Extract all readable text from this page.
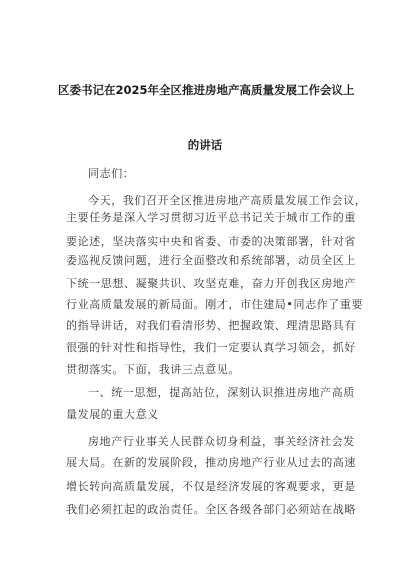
区委书记在2025年全区推进房地产高质量发展工作会议上
的讲话
同志们：
今天，我们召开全区推进房地产高质量发展工作会议，
主要任务是深入学习贯彻习近平总书记关于城市工作的重
要论述，坚决落实中央和省委、市委的决策部署，针对省
委巡视反馈问题，进行全面整改和系统部署，动员全区上
下统一思想、凝聚共识、攻坚克难，奋力开创我区房地产
行业高质量发展的新局面。刚才，市住建局•同志作了重要
的指导讲话，对我们看清形势、把握政策、理清思路具有
很强的针对性和指导性，我们一定要认真学习领会，抓好
贯彻落实。下面，我讲三点意见。
一、统一思想，提高站位，深刻认识推进房地产高质
量发展的重大意义
房地产行业事关人民群众切身利益，事关经济社会发
展大局。在新的发展阶段，推动房地产行业从过去的高速
增长转向高质量发展，不仅是经济发展的客观要求，更是
我们必须扛起的政治责任。全区各级各部门必须站在战略
